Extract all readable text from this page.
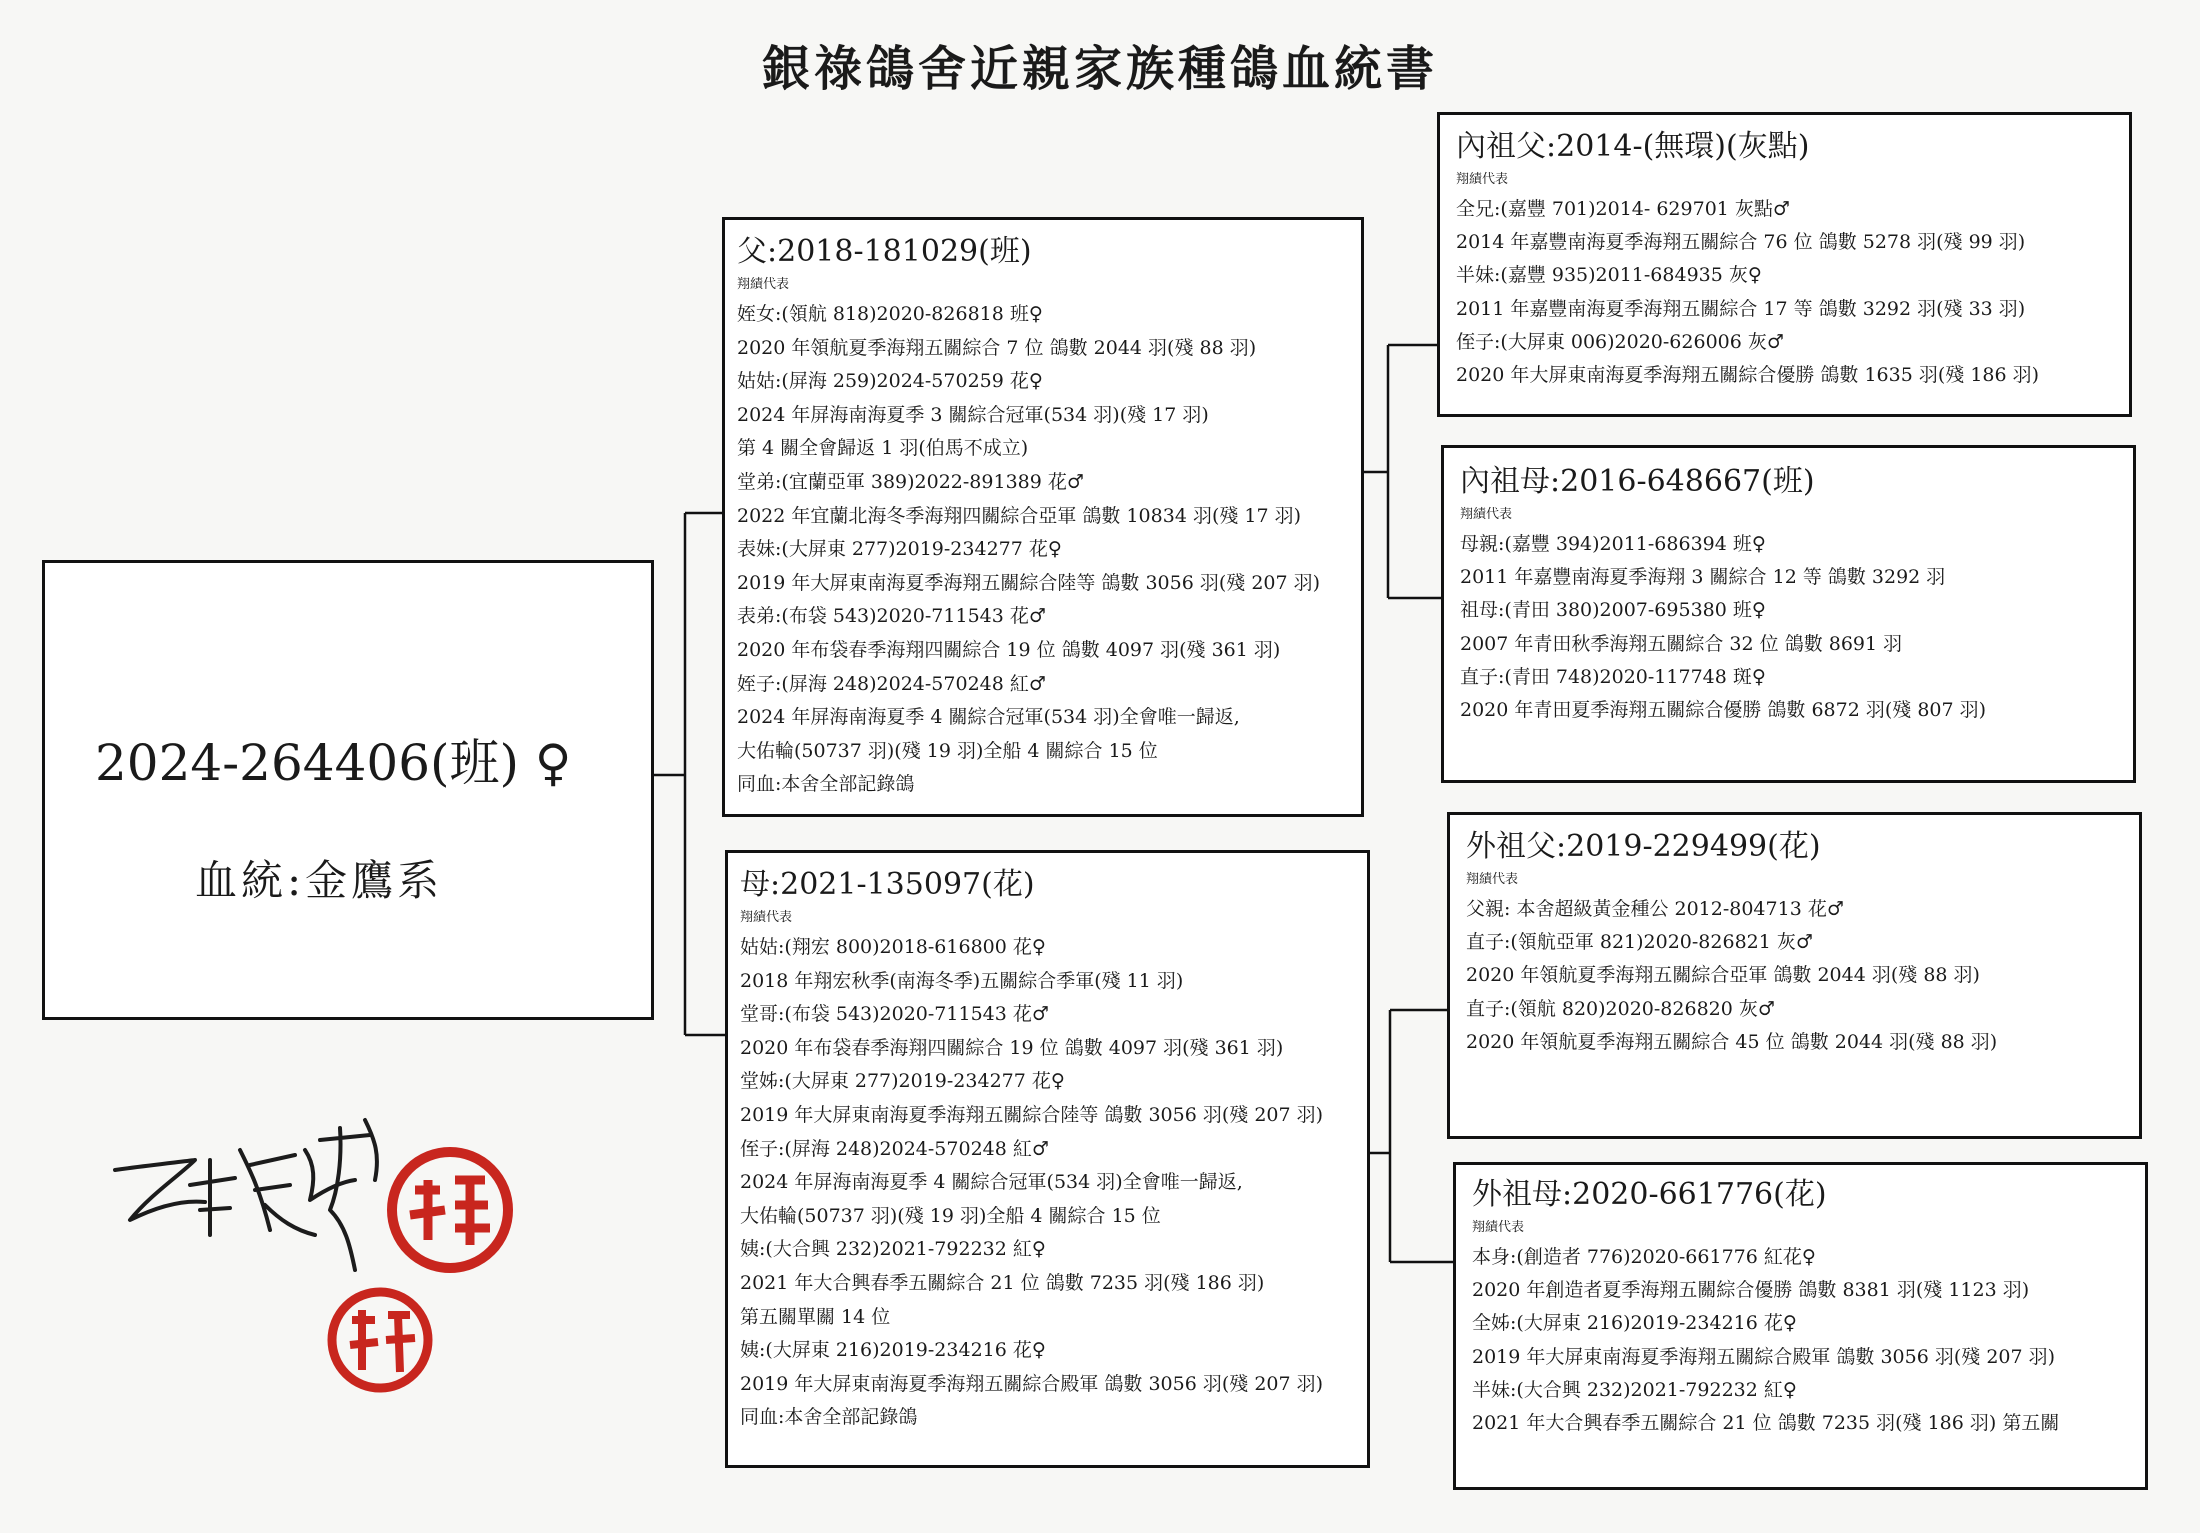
銀祿鴿舍近親家族種鴿血統書
2024-264406(班) ♀
血統:金鷹系
父:2018-181029(班)
翔績代表
姪女:(領航 818)2020-826818 班♀
2020 年領航夏季海翔五關綜合 7 位 鴿數 2044 羽(殘 88 羽)
姑姑:(屏海 259)2024-570259 花♀
2024 年屏海南海夏季 3 關綜合冠軍(534 羽)(殘 17 羽)
第 4 關全會歸返 1 羽(伯馬不成立)
堂弟:(宜蘭亞軍 389)2022-891389 花♂
2022 年宜蘭北海冬季海翔四關綜合亞軍 鴿數 10834 羽(殘 17 羽)
表妹:(大屏東 277)2019-234277 花♀
2019 年大屏東南海夏季海翔五關綜合陸等 鴿數 3056 羽(殘 207 羽)
表弟:(布袋 543)2020-711543 花♂
2020 年布袋春季海翔四關綜合 19 位 鴿數 4097 羽(殘 361 羽)
姪子:(屏海 248)2024-570248 紅♂
2024 年屏海南海夏季 4 關綜合冠軍(534 羽)全會唯一歸返,
大佑輪(50737 羽)(殘 19 羽)全船 4 關綜合 15 位
同血:本舍全部記錄鴿
母:2021-135097(花)
翔績代表
姑姑:(翔宏 800)2018-616800 花♀
2018 年翔宏秋季(南海冬季)五關綜合季軍(殘 11 羽)
堂哥:(布袋 543)2020-711543 花♂
2020 年布袋春季海翔四關綜合 19 位 鴿數 4097 羽(殘 361 羽)
堂姊:(大屏東 277)2019-234277 花♀
2019 年大屏東南海夏季海翔五關綜合陸等 鴿數 3056 羽(殘 207 羽)
侄子:(屏海 248)2024-570248 紅♂
2024 年屏海南海夏季 4 關綜合冠軍(534 羽)全會唯一歸返,
大佑輪(50737 羽)(殘 19 羽)全船 4 關綜合 15 位
姨:(大合興 232)2021-792232 紅♀
2021 年大合興春季五關綜合 21 位 鴿數 7235 羽(殘 186 羽)
第五關單關 14 位
姨:(大屏東 216)2019-234216 花♀
2019 年大屏東南海夏季海翔五關綜合殿軍 鴿數 3056 羽(殘 207 羽)
同血:本舍全部記錄鴿
內祖父:2014-(無環)(灰點)
翔績代表
全兄:(嘉豐 701)2014- 629701 灰點♂
2014 年嘉豐南海夏季海翔五關綜合 76 位 鴿數 5278 羽(殘 99 羽)
半妹:(嘉豐 935)2011-684935 灰♀
2011 年嘉豐南海夏季海翔五關綜合 17 等 鴿數 3292 羽(殘 33 羽)
侄子:(大屏東 006)2020-626006 灰♂
2020 年大屏東南海夏季海翔五關綜合優勝 鴿數 1635 羽(殘 186 羽)
內祖母:2016-648667(班)
翔績代表
母親:(嘉豐 394)2011-686394 班♀
2011 年嘉豐南海夏季海翔 3 關綜合 12 等 鴿數 3292 羽
祖母:(青田 380)2007-695380 班♀
2007 年青田秋季海翔五關綜合 32 位 鴿數 8691 羽
直子:(青田 748)2020-117748 斑♀
2020 年青田夏季海翔五關綜合優勝 鴿數 6872 羽(殘 807 羽)
外祖父:2019-229499(花)
翔績代表
父親: 本舍超級黃金種公 2012-804713 花♂
直子:(領航亞軍 821)2020-826821 灰♂
2020 年領航夏季海翔五關綜合亞軍 鴿數 2044 羽(殘 88 羽)
直子:(領航 820)2020-826820 灰♂
2020 年領航夏季海翔五關綜合 45 位 鴿數 2044 羽(殘 88 羽)
外祖母:2020-661776(花)
翔績代表
本身:(創造者 776)2020-661776 紅花♀
2020 年創造者夏季海翔五關綜合優勝 鴿數 8381 羽(殘 1123 羽)
全姊:(大屏東 216)2019-234216 花♀
2019 年大屏東南海夏季海翔五關綜合殿軍 鴿數 3056 羽(殘 207 羽)
半妹:(大合興 232)2021-792232 紅♀
2021 年大合興春季五關綜合 21 位 鴿數 7235 羽(殘 186 羽) 第五關
